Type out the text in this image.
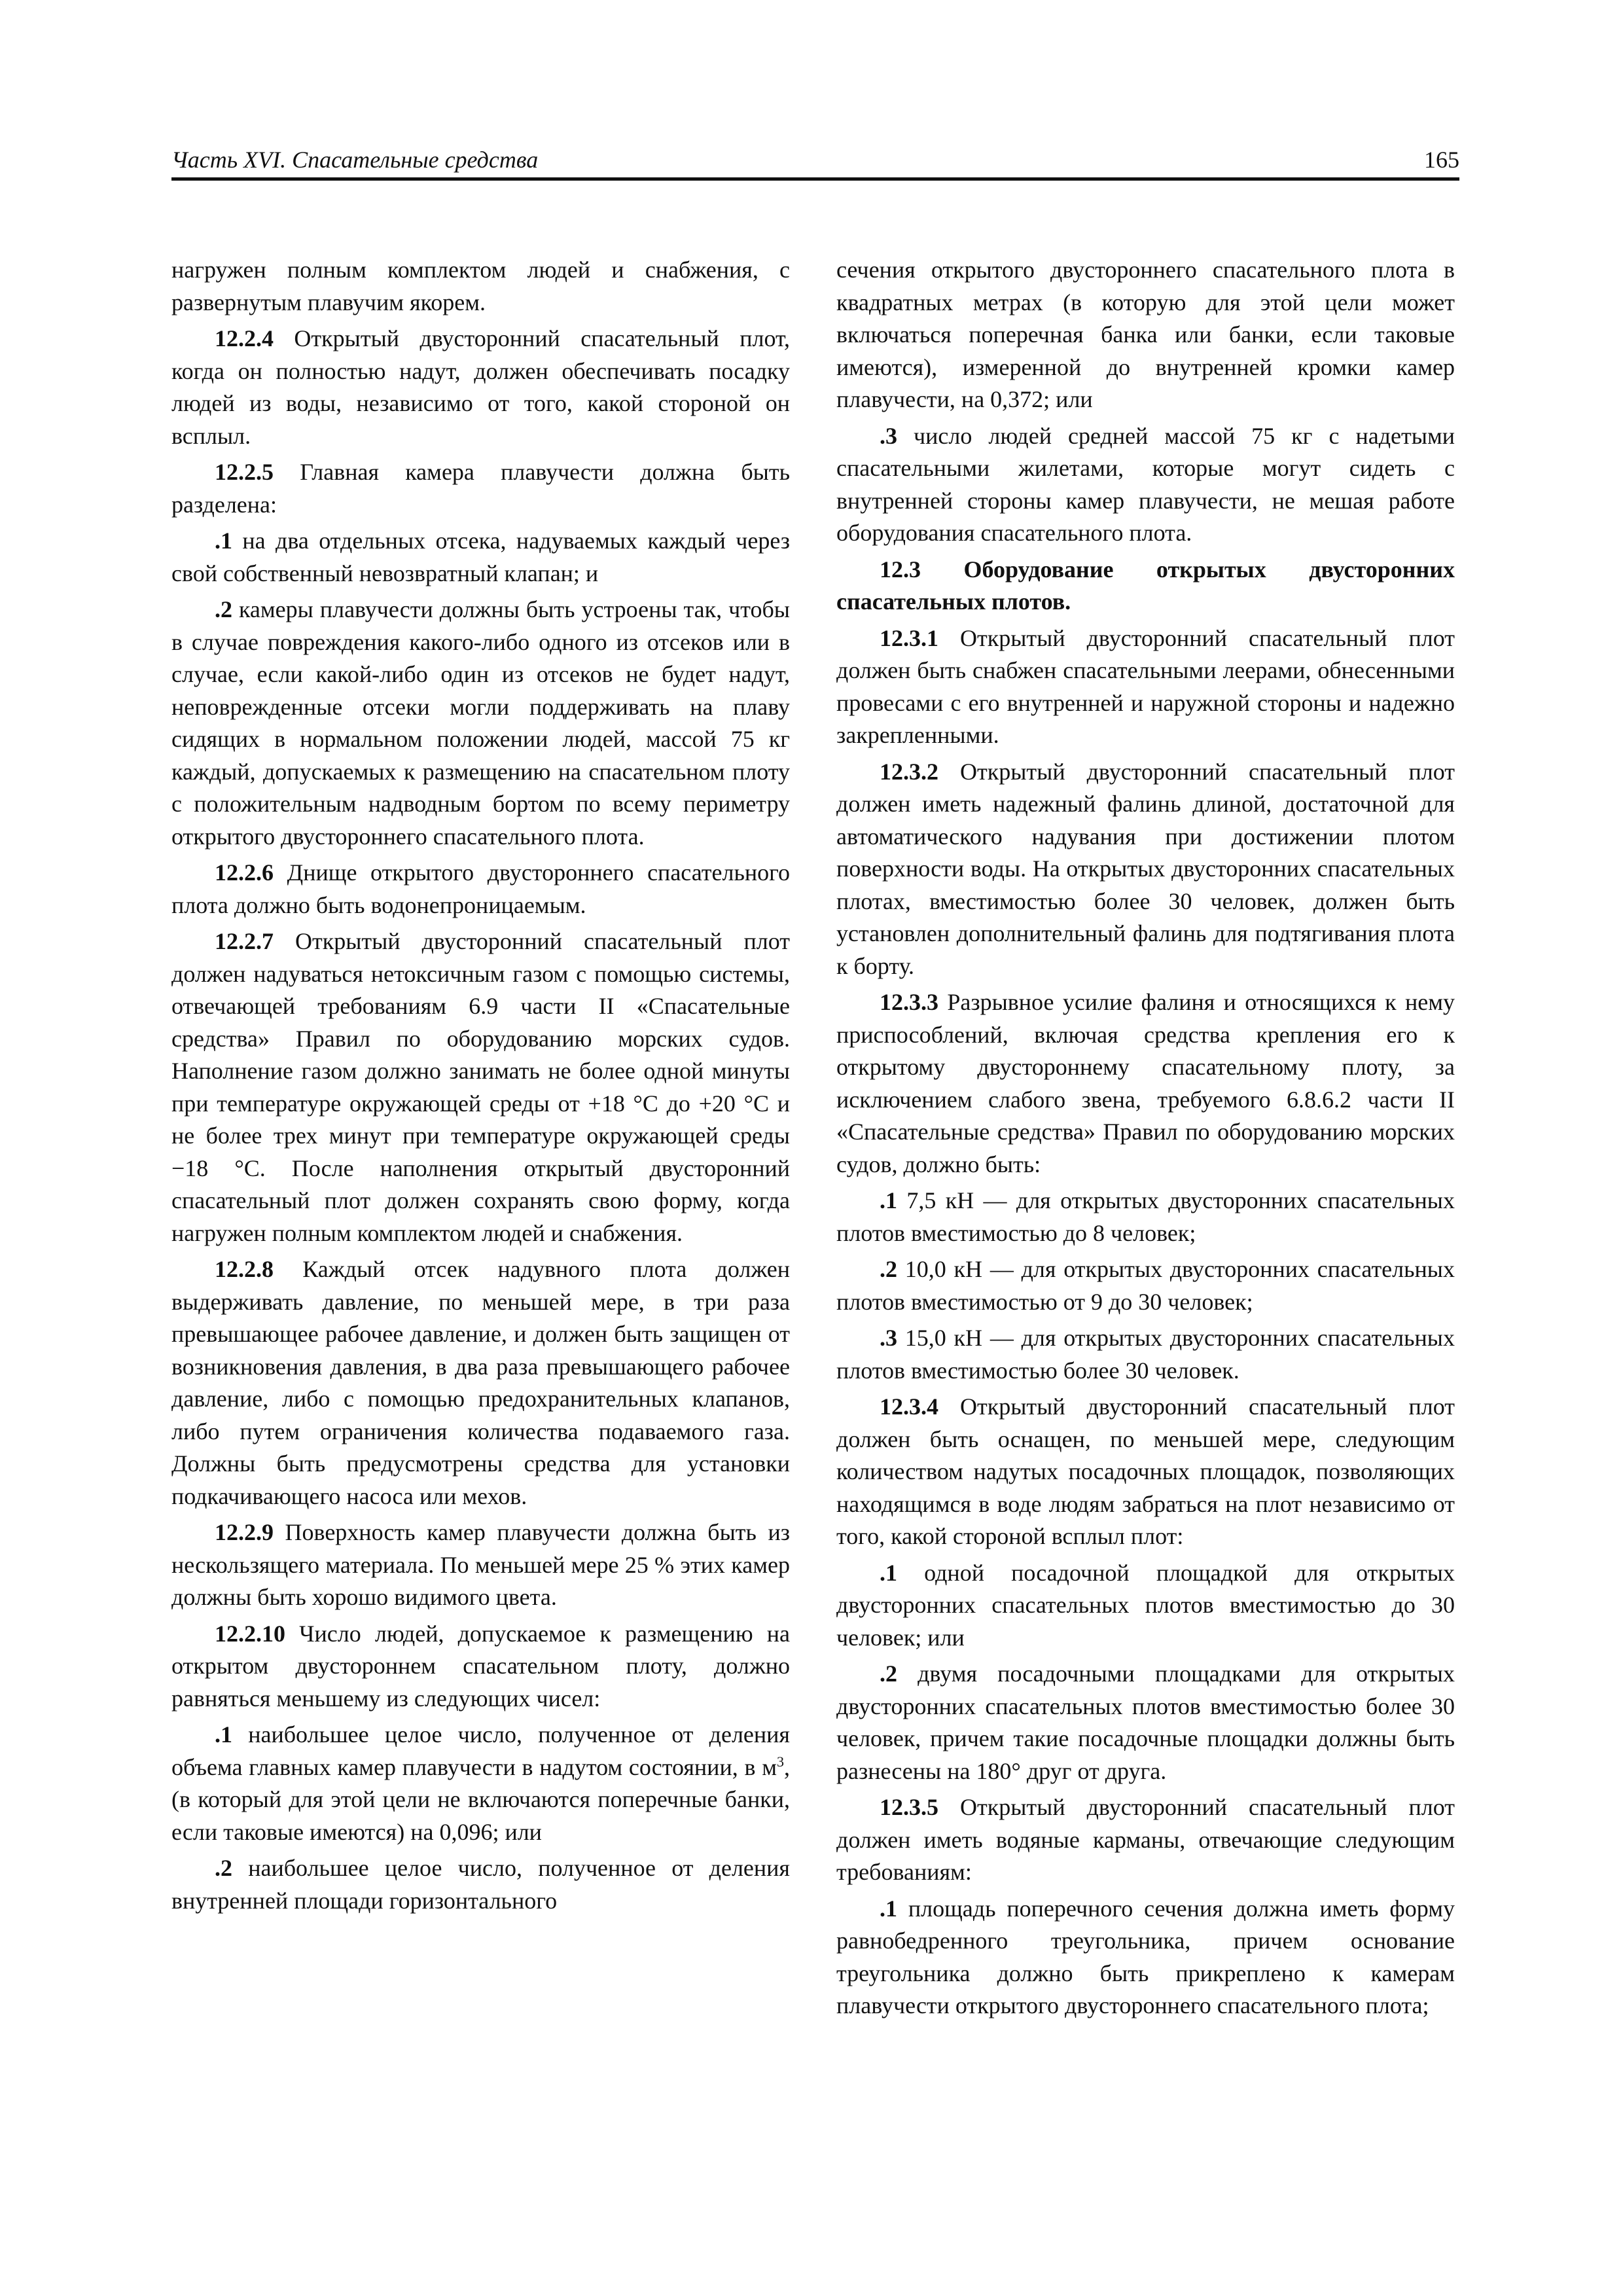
Часть XVI. Спасательные средства	165

нагружен полным комплектом людей и снабжения, с развернутым плавучим якорем.

12.2.4 Открытый двусторонний спасательный плот, когда он полностью надут, должен обеспечивать посадку людей из воды, независимо от того, какой стороной он всплыл.

12.2.5 Главная камера плавучести должна быть разделена:

.1 на два отдельных отсека, надуваемых каждый через свой собственный невозвратный клапан; и

.2 камеры плавучести должны быть устроены так, чтобы в случае повреждения какого-либо одного из отсеков или в случае, если какой-либо один из отсеков не будет надут, неповрежденные отсеки могли поддерживать на плаву сидящих в нормальном положении людей, массой 75 кг каждый, допускаемых к размещению на спасательном плоту с положительным надводным бортом по всему периметру открытого двустороннего спасательного плота.

12.2.6 Днище открытого двустороннего спасательного плота должно быть водонепроницаемым.

12.2.7 Открытый двусторонний спасательный плот должен надуваться нетоксичным газом с помощью системы, отвечающей требованиям 6.9 части II «Спасательные средства» Правил по оборудованию морских судов. Наполнение газом должно занимать не более одной минуты при температуре окружающей среды от +18 °C до +20 °C и не более трех минут при температуре окружающей среды −18 °C. После наполнения открытый двусторонний спасательный плот должен сохранять свою форму, когда нагружен полным комплектом людей и снабжения.

12.2.8 Каждый отсек надувного плота должен выдерживать давление, по меньшей мере, в три раза превышающее рабочее давление, и должен быть защищен от возникновения давления, в два раза превышающего рабочее давление, либо с помощью предохранительных клапанов, либо путем ограничения количества подаваемого газа. Должны быть предусмотрены средства для установки подкачивающего насоса или мехов.

12.2.9 Поверхность камер плавучести должна быть из нескользящего материала. По меньшей мере 25 % этих камер должны быть хорошо видимого цвета.

12.2.10 Число людей, допускаемое к размещению на открытом двустороннем спасательном плоту, должно равняться меньшему из следующих чисел:

.1 наибольшее целое число, полученное от деления объема главных камер плавучести в надутом состоянии, в $м^3$, (в который для этой цели не включаются поперечные банки, если таковые имеются) на 0,096; или

.2 наибольшее целое число, полученное от деления внутренней площади горизонтального

сечения открытого двустороннего спасательного плота в квадратных метрах (в которую для этой цели может включаться поперечная банка или банки, если таковые имеются), измеренной до внутренней кромки камер плавучести, на 0,372; или

.3 число людей средней массой 75 кг с надетыми спасательными жилетами, которые могут сидеть с внутренней стороны камер плавучести, не мешая работе оборудования спасательного плота.

12.3 Оборудование открытых двусторонних спасательных плотов.

12.3.1 Открытый двусторонний спасательный плот должен быть снабжен спасательными леерами, обнесенными провесами с его внутренней и наружной стороны и надежно закрепленными.

12.3.2 Открытый двусторонний спасательный плот должен иметь надежный фалинь длиной, достаточной для автоматического надувания при достижении плотом поверхности воды. На открытых двусторонних спасательных плотах, вместимостью более 30 человек, должен быть установлен дополнительный фалинь для подтягивания плота к борту.

12.3.3 Разрывное усилие фалиня и относящихся к нему приспособлений, включая средства крепления его к открытому двустороннему спасательному плоту, за исключением слабого звена, требуемого 6.8.6.2 части II «Спасательные средства» Правил по оборудованию морских судов, должно быть:

.1 7,5 кН — для открытых двусторонних спасательных плотов вместимостью до 8 человек;

.2 10,0 кН — для открытых двусторонних спасательных плотов вместимостью от 9 до 30 человек;

.3 15,0 кН — для открытых двусторонних спасательных плотов вместимостью более 30 человек.

12.3.4 Открытый двусторонний спасательный плот должен быть оснащен, по меньшей мере, следующим количеством надутых посадочных площадок, позволяющих находящимся в воде людям забраться на плот независимо от того, какой стороной всплыл плот:

.1 одной посадочной площадкой для открытых двусторонних спасательных плотов вместимостью до 30 человек; или

.2 двумя посадочными площадками для открытых двусторонних спасательных плотов вместимостью более 30 человек, причем такие посадочные площадки должны быть разнесены на 180° друг от друга.

12.3.5 Открытый двусторонний спасательный плот должен иметь водяные карманы, отвечающие следующим требованиям:

.1 площадь поперечного сечения должна иметь форму равнобедренного треугольника, причем основание треугольника должно быть прикреплено к камерам плавучести открытого двустороннего спасательного плота;
